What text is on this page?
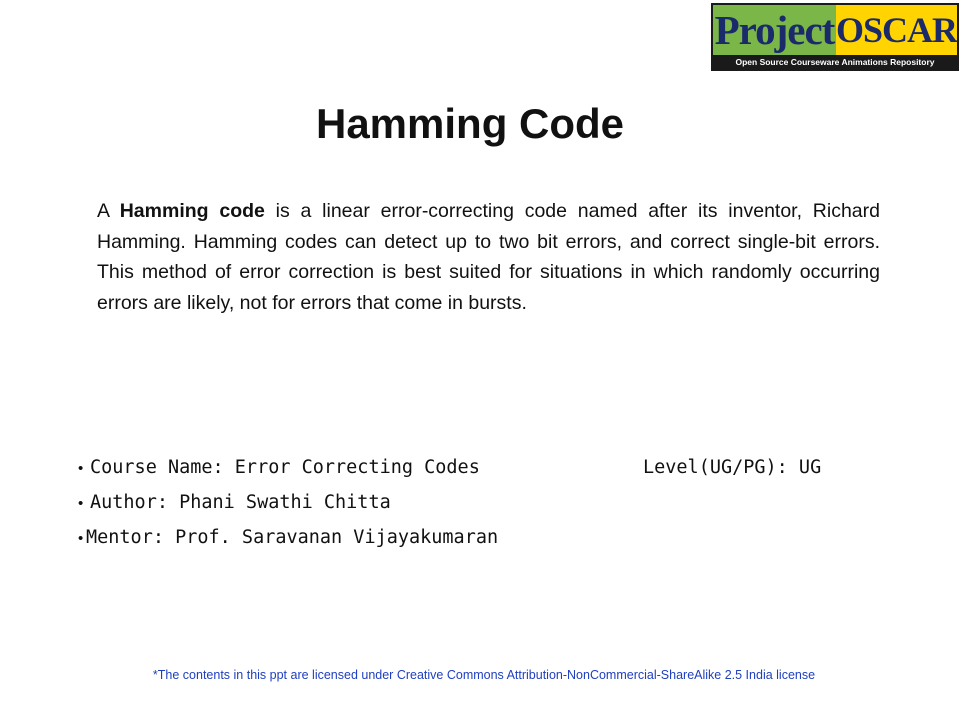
Project OSCAR
Open Source Courseware Animations Repository
Hamming Code

A Hamming code is a linear error-correcting code named after its inventor, Richard Hamming. Hamming codes can detect up to two bit errors, and correct single-bit errors. This method of error correction is best suited for situations in which randomly occurring errors are likely, not for errors that come in bursts.

• Course Name: Error Correcting Codes	Level(UG/PG): UG
• Author: Phani Swathi Chitta
• Mentor: Prof. Saravanan Vijayakumaran

*The contents in this ppt are licensed under Creative Commons Attribution-NonCommercial-ShareAlike 2.5 India license
